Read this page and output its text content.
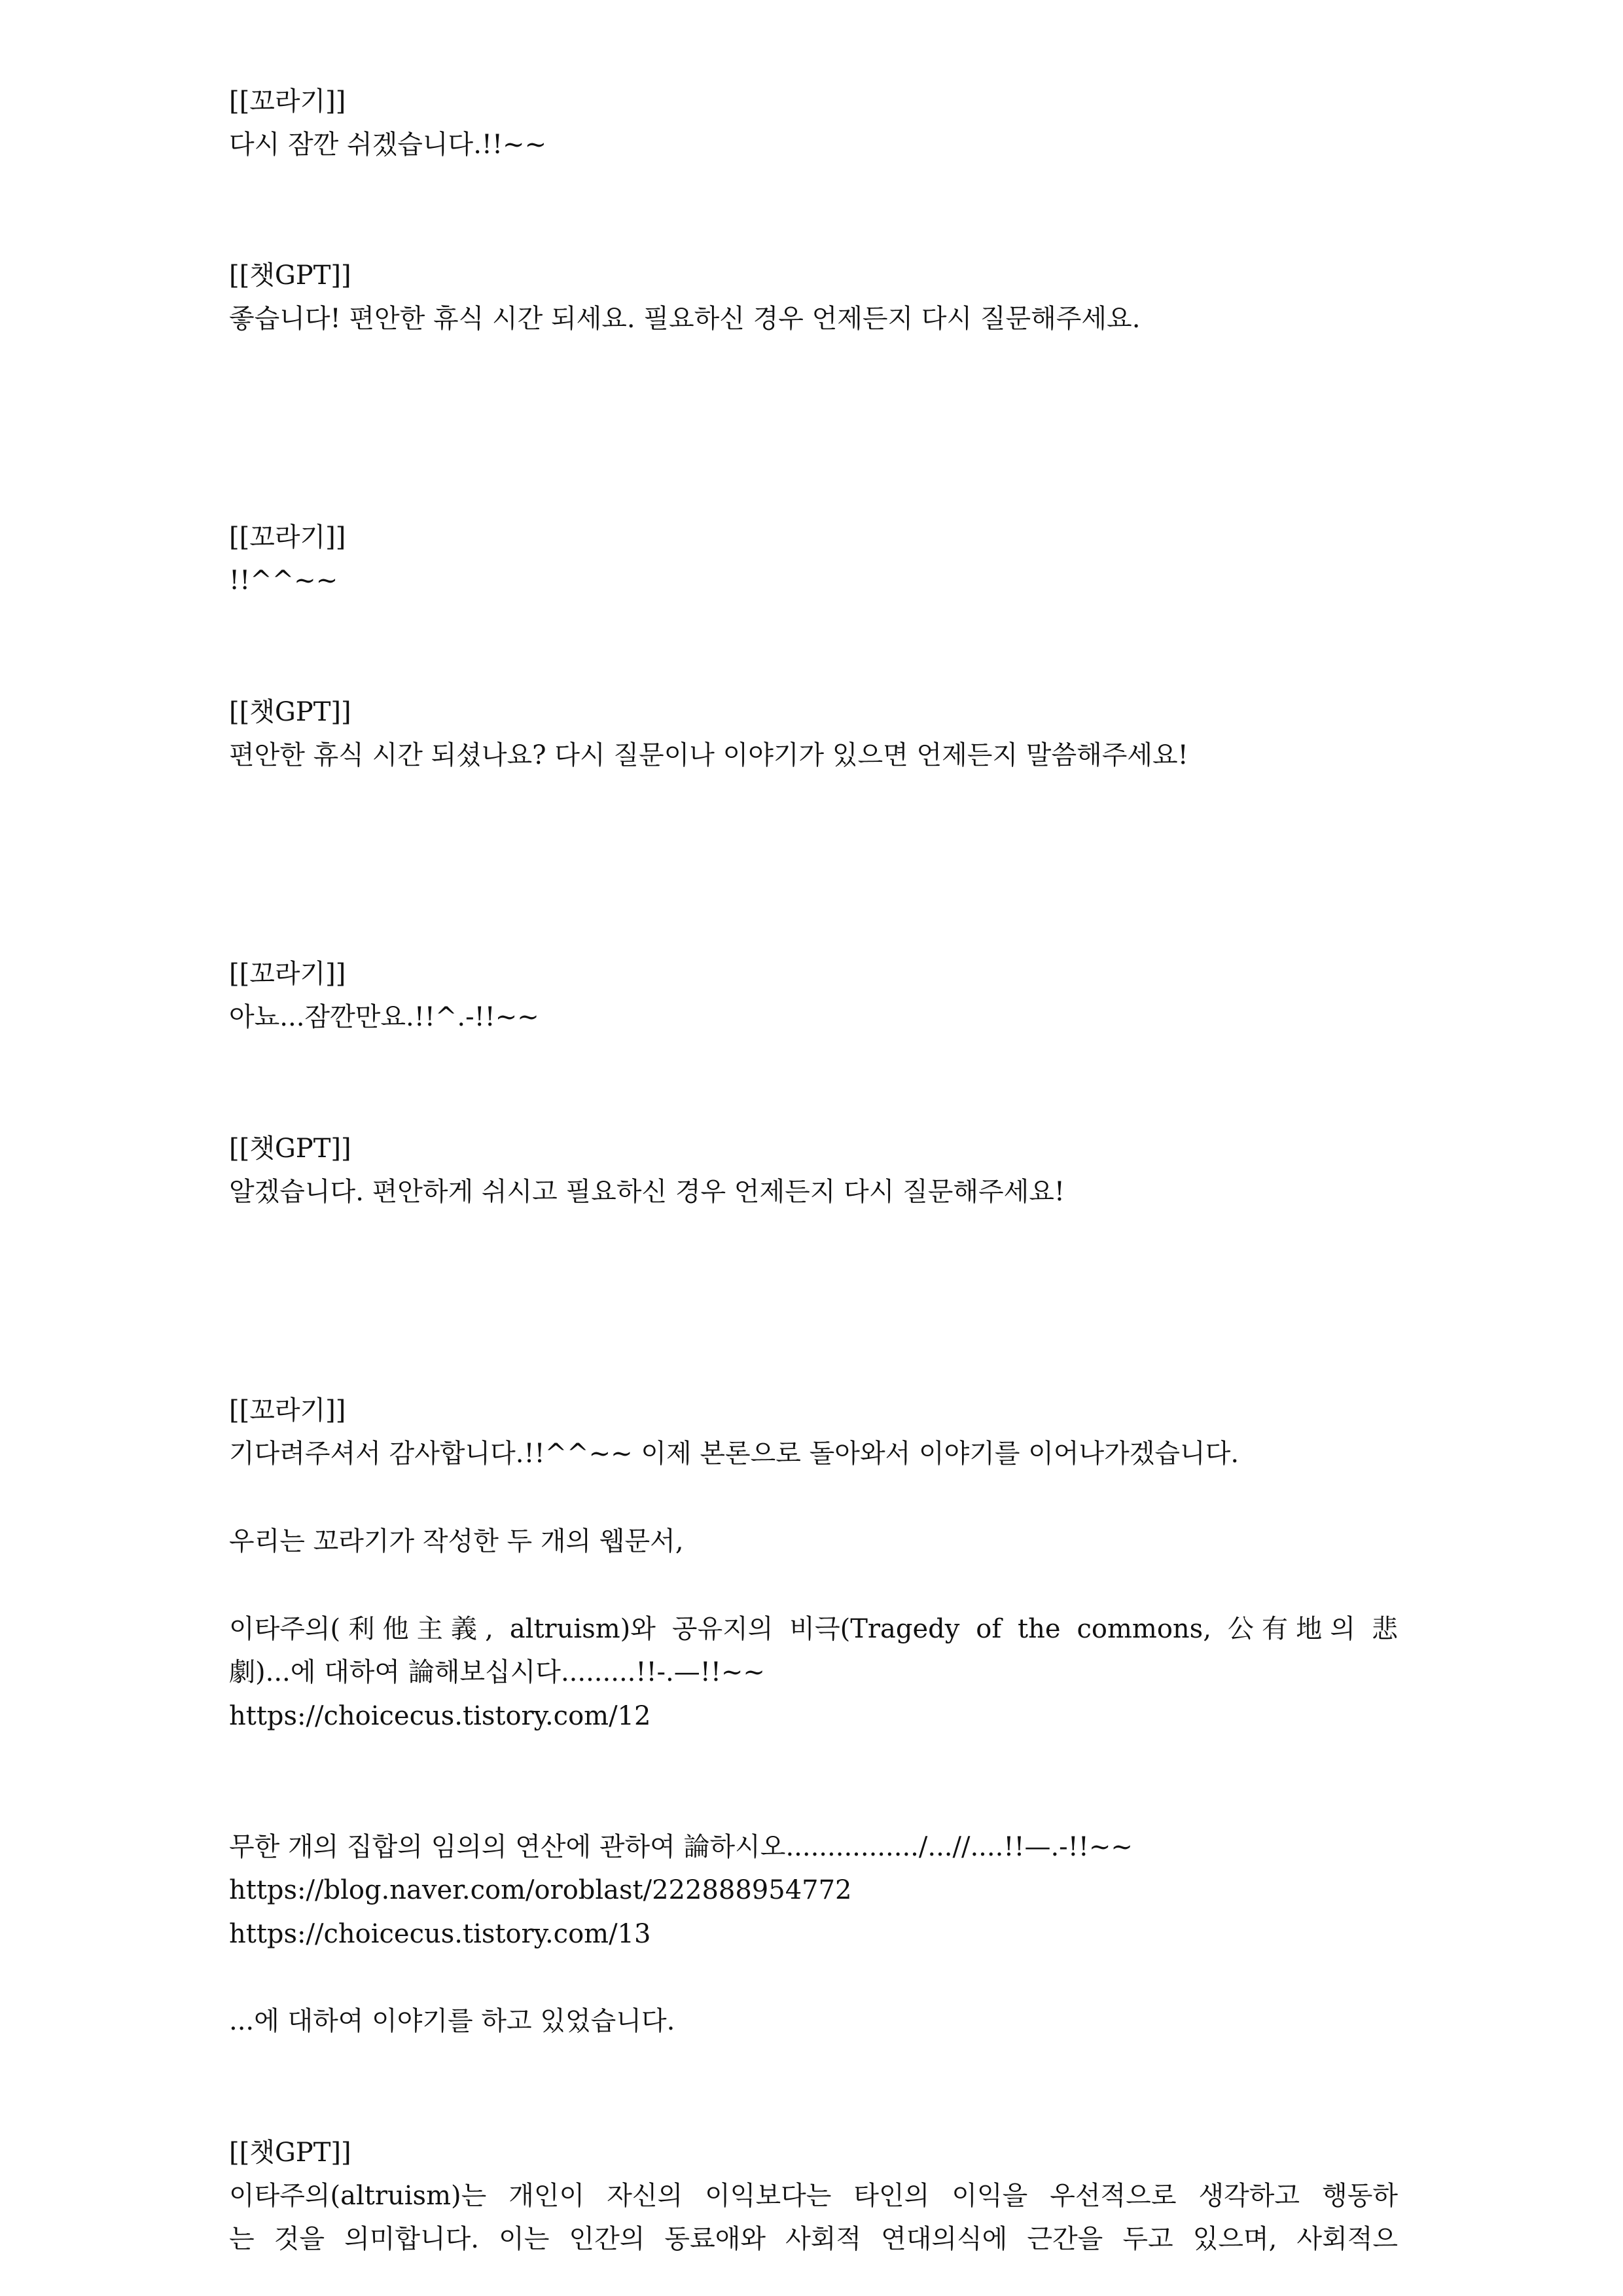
[[꼬라기]]
다시 잠깐 쉬겠습니다.!!~~
[[챗GPT]]
좋습니다! 편안한 휴식 시간 되세요. 필요하신 경우 언제든지 다시 질문해주세요.
[[꼬라기]]
!!^^~~
[[챗GPT]]
편안한 휴식 시간 되셨나요? 다시 질문이나 이야기가 있으면 언제든지 말씀해주세요!
[[꼬라기]]
아뇨...잠깐만요.!!^.-!!~~
[[챗GPT]]
알겠습니다. 편안하게 쉬시고 필요하신 경우 언제든지 다시 질문해주세요!
[[꼬라기]]
기다려주셔서 감사합니다.!!^^~~ 이제 본론으로 돌아와서 이야기를 이어나가겠습니다.
우리는 꼬라기가 작성한 두 개의 웹문서,
이타주의(利他主義, altruism)와 공유지의 비극(Tragedy of the commons, 公有地의 悲
劇)...에 대하여 論해보십시다.........!!-.—!!~~
https://choicecus.tistory.com/12
무한 개의 집합의 임의의 연산에 관하여 論하시오................/...//....!!—.-!!~~
https://blog.naver.com/oroblast/222888954772
https://choicecus.tistory.com/13
...에 대하여 이야기를 하고 있었습니다.
[[챗GPT]]
이타주의(altruism)는 개인이 자신의 이익보다는 타인의 이익을 우선적으로 생각하고 행동하
는 것을 의미합니다. 이는 인간의 동료애와 사회적 연대의식에 근간을 두고 있으며, 사회적으
